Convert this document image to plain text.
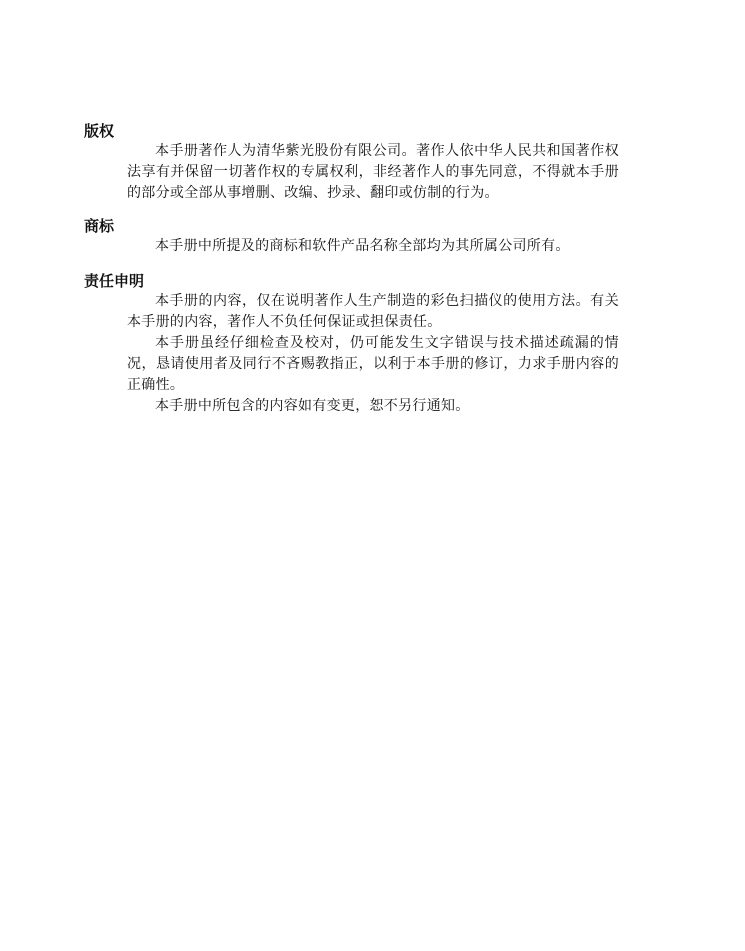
版权

本手册著作人为清华紫光股份有限公司。著作人依中华人民共和国著作权法享有并保留一切著作权的专属权利，非经著作人的事先同意，不得就本手册的部分或全部从事增删、改编、抄录、翻印或仿制的行为。

商标

本手册中所提及的商标和软件产品名称全部均为其所属公司所有。

责任申明

本手册的内容，仅在说明著作人生产制造的彩色扫描仪的使用方法。有关本手册的内容，著作人不负任何保证或担保责任。

本手册虽经仔细检查及校对，仍可能发生文字错误与技术描述疏漏的情况，恳请使用者及同行不吝赐教指正，以利于本手册的修订，力求手册内容的正确性。

本手册中所包含的内容如有变更，恕不另行通知。
